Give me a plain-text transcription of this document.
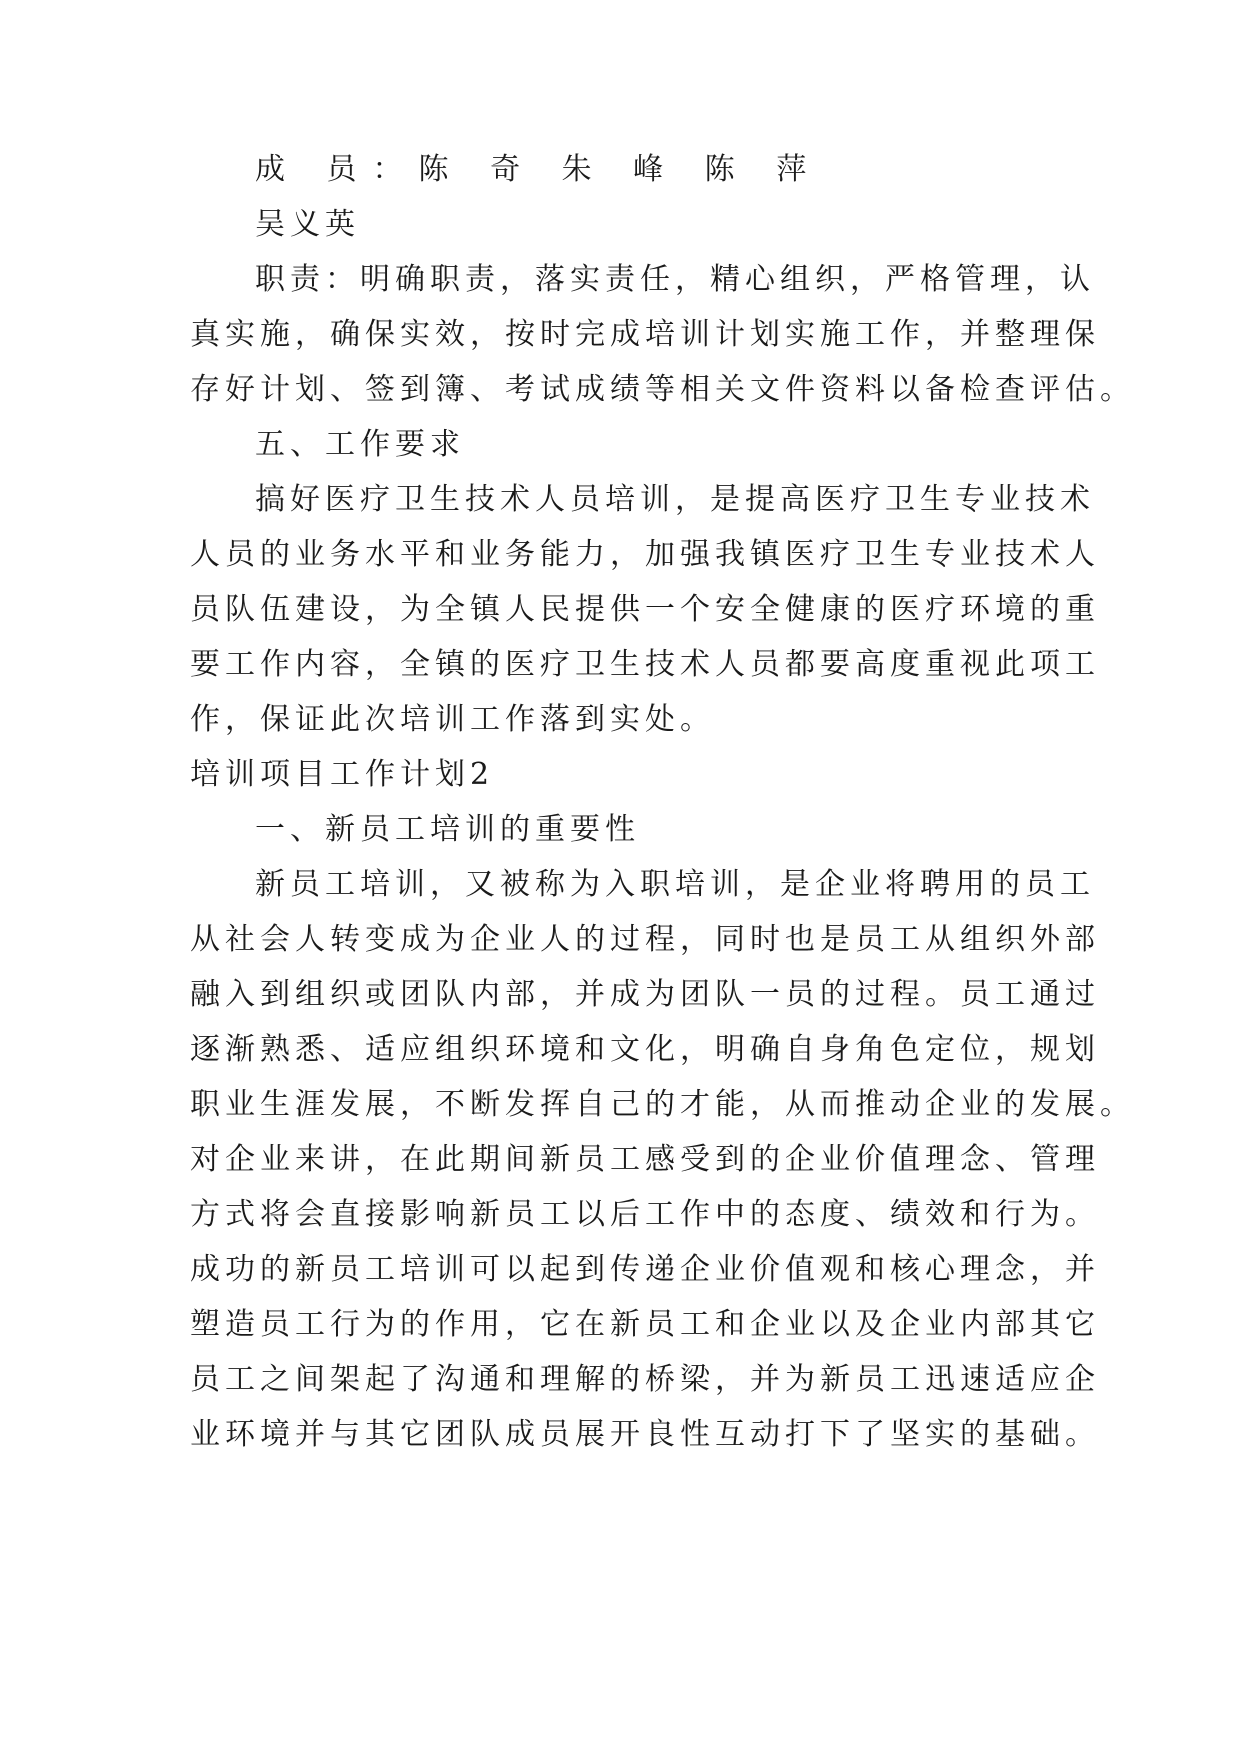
成 员：陈 奇 朱 峰 陈 萍
吴义英
职责：明确职责，落实责任，精心组织，严格管理，认
真实施，确保实效，按时完成培训计划实施工作，并整理保
存好计划、签到簿、考试成绩等相关文件资料以备检查评估。
五、工作要求
搞好医疗卫生技术人员培训，是提高医疗卫生专业技术
人员的业务水平和业务能力，加强我镇医疗卫生专业技术人
员队伍建设，为全镇人民提供一个安全健康的医疗环境的重
要工作内容，全镇的医疗卫生技术人员都要高度重视此项工
作，保证此次培训工作落到实处。
培训项目工作计划2
一、新员工培训的重要性
新员工培训，又被称为入职培训，是企业将聘用的员工
从社会人转变成为企业人的过程，同时也是员工从组织外部
融入到组织或团队内部，并成为团队一员的过程。员工通过
逐渐熟悉、适应组织环境和文化，明确自身角色定位，规划
职业生涯发展，不断发挥自己的才能，从而推动企业的发展。
对企业来讲，在此期间新员工感受到的企业价值理念、管理
方式将会直接影响新员工以后工作中的态度、绩效和行为。
成功的新员工培训可以起到传递企业价值观和核心理念，并
塑造员工行为的作用，它在新员工和企业以及企业内部其它
员工之间架起了沟通和理解的桥梁，并为新员工迅速适应企
业环境并与其它团队成员展开良性互动打下了坚实的基础。
